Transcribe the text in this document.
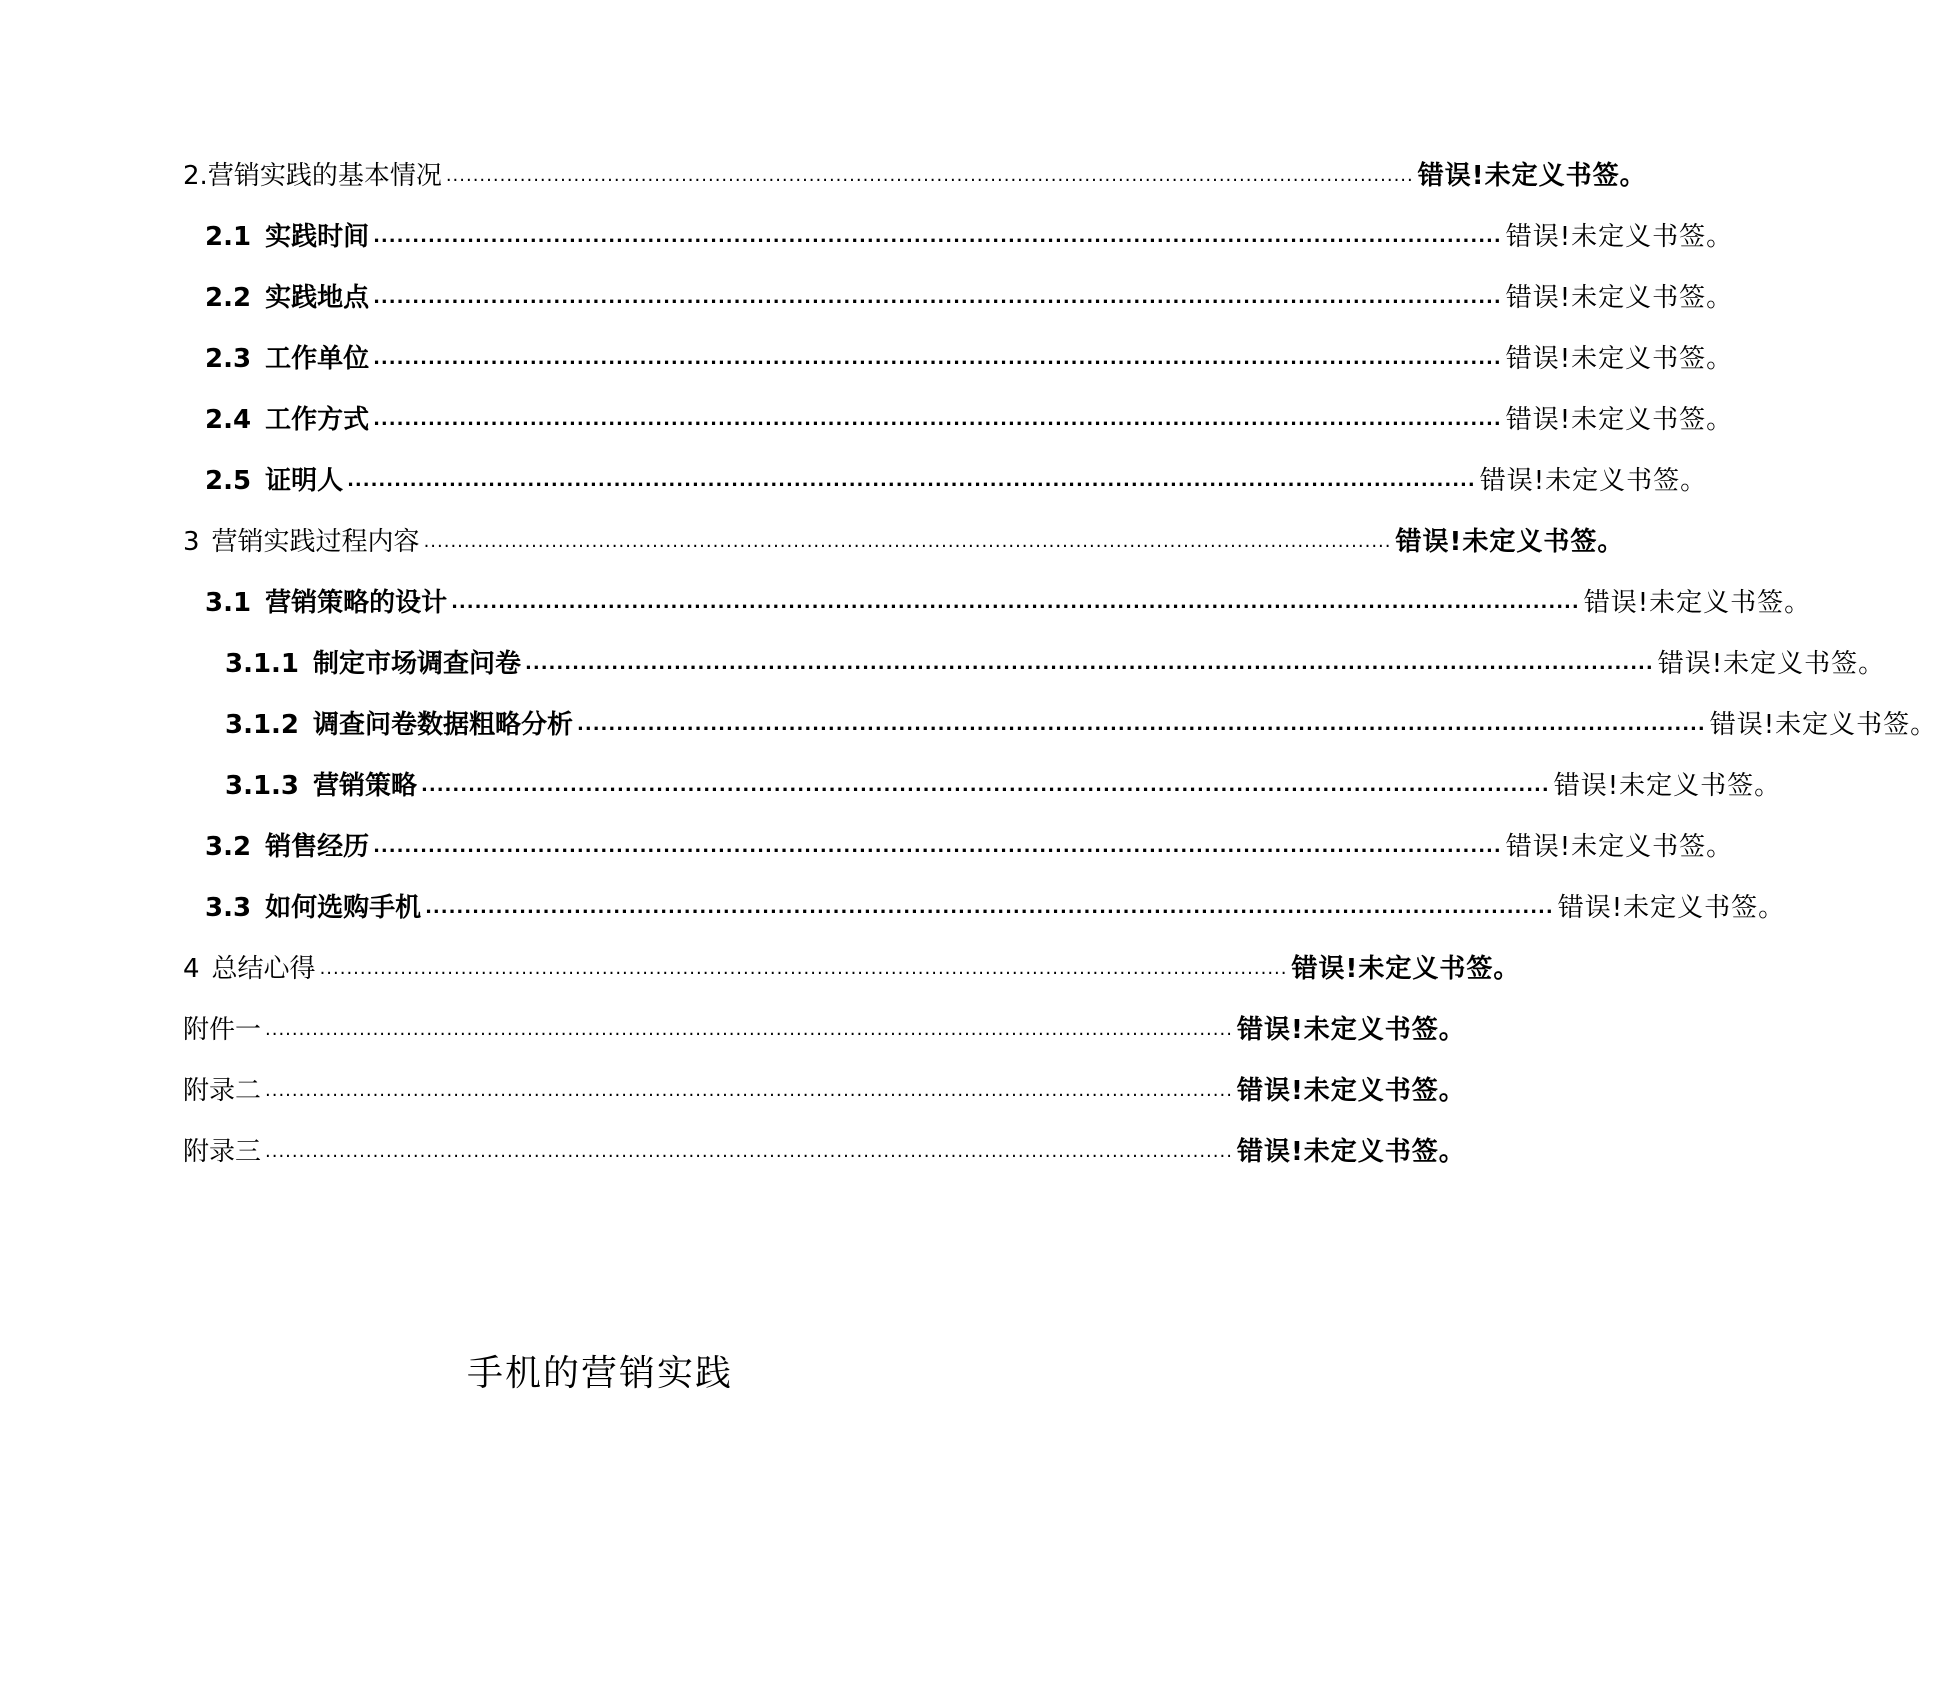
2. 营销实践的基本情况 ................................................................................................................................................ 错误!未定义书签。
2.1 实践时间 ................................................................................................................................................ 错误!未定义书签。
2.2 实践地点 ................................................................................................................................................ 错误!未定义书签。
2.3 工作单位 ................................................................................................................................................ 错误!未定义书签。
2.4 工作方式 ................................................................................................................................................ 错误!未定义书签。
2.5 证明人 ................................................................................................................................................ 错误!未定义书签。
3 营销实践过程内容 ................................................................................................................................................ 错误!未定义书签。
3.1 营销策略的设计 ................................................................................................................................................ 错误!未定义书签。
3.1.1 制定市场调查问卷 ................................................................................................................................................ 错误!未定义书签。
3.1.2 调查问卷数据粗略分析 ................................................................................................................................................ 错误!未定义书签。
3.1.3 营销策略 ................................................................................................................................................ 错误!未定义书签。
3.2 销售经历 ................................................................................................................................................ 错误!未定义书签。
3.3 如何选购手机 ................................................................................................................................................ 错误!未定义书签。
4 总结心得 ................................................................................................................................................ 错误!未定义书签。
附件一 ................................................................................................................................................ 错误!未定义书签。
附录二 ................................................................................................................................................ 错误!未定义书签。
附录三 ................................................................................................................................................ 错误!未定义书签。
手机的营销实践
